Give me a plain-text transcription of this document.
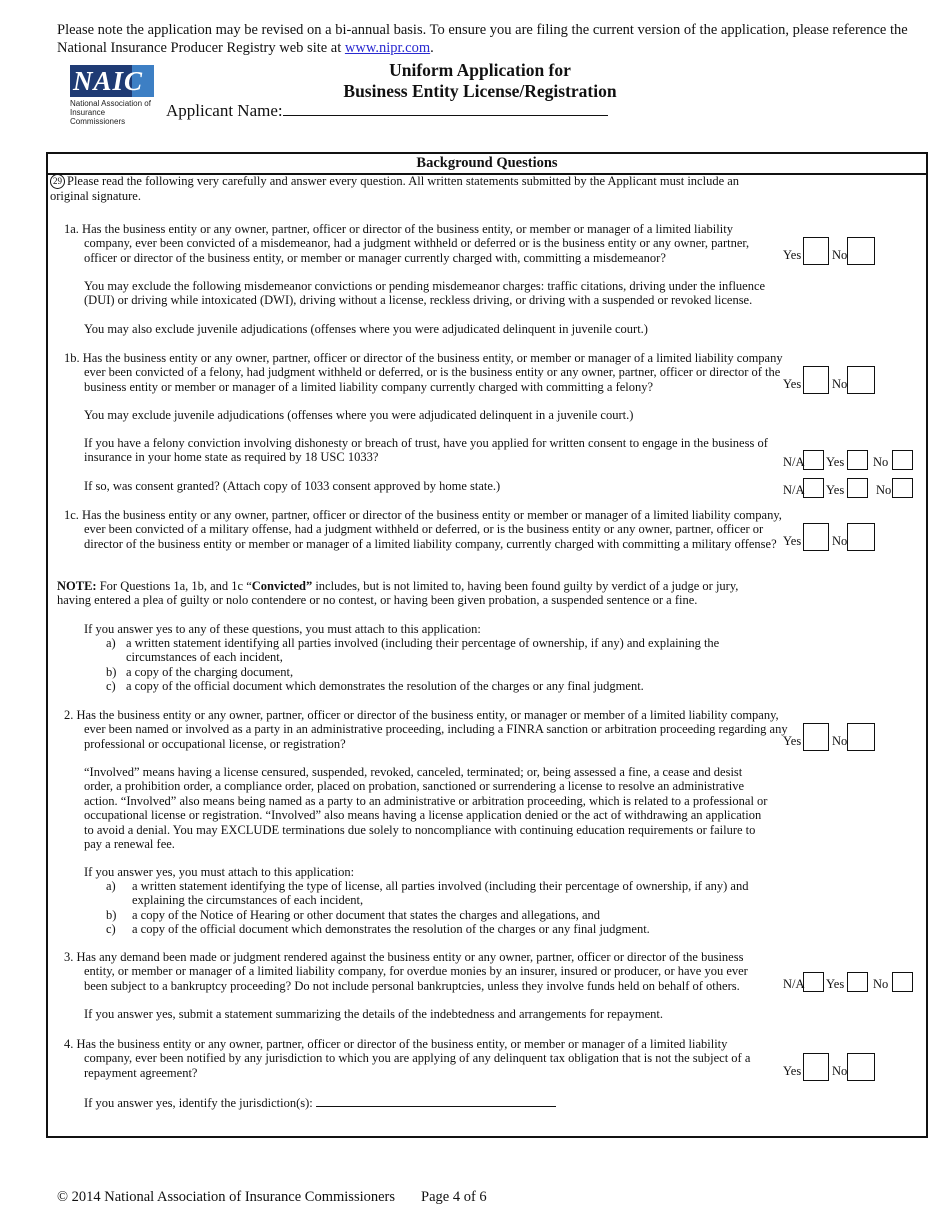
Please note the application may be revised on a bi-annual basis. To ensure you are filing the current version of the application, please reference the National Insurance Producer Registry web site at www.nipr.com.
NAIC
National Association of
Insurance Commissioners
Uniform Application for
Business Entity License/Registration
Applicant Name:
Background Questions
29 Please read the following very carefully and answer every question. All written statements submitted by the Applicant must include an original signature.
1a. Has the business entity or any owner, partner, officer or director of the business entity, or member or manager of a limited liability company, ever been convicted of a misdemeanor, had a judgment withheld or deferred or is the business entity or any owner, partner, officer or director of the business entity, or member or manager currently charged with, committing a misdemeanor?
You may exclude the following misdemeanor convictions or pending misdemeanor charges: traffic citations, driving under the influence (DUI) or driving while intoxicated (DWI), driving without a license, reckless driving, or driving with a suspended or revoked license.
You may also exclude juvenile adjudications (offenses where you were adjudicated delinquent in juvenile court.)
1b. Has the business entity or any owner, partner, officer or director of the business entity, or member or manager of a limited liability company ever been convicted of a felony, had judgment withheld or deferred, or is the business entity or any owner, partner, officer or director of the business entity or member or manager of a limited liability company currently charged with committing a felony?
You may exclude juvenile adjudications (offenses where you were adjudicated delinquent in a juvenile court.)
If you have a felony conviction involving dishonesty or breach of trust, have you applied for written consent to engage in the business of insurance in your home state as required by 18 USC 1033?
If so, was consent granted? (Attach copy of 1033 consent approved by home state.)
1c. Has the business entity or any owner, partner, officer or director of the business entity or member or manager of a limited liability company, ever been convicted of a military offense, had a judgment withheld or deferred, or is the business entity or any owner, partner, officer or director of the business entity or member or manager of a limited liability company, currently charged with committing a military offense?
NOTE: For Questions 1a, 1b, and 1c “Convicted” includes, but is not limited to, having been found guilty by verdict of a judge or jury, having entered a plea of guilty or nolo contendere or no contest, or having been given probation, a suspended sentence or a fine.
If you answer yes to any of these questions, you must attach to this application:
a) a written statement identifying all parties involved (including their percentage of ownership, if any) and explaining the circumstances of each incident,
b) a copy of the charging document,
c) a copy of the official document which demonstrates the resolution of the charges or any final judgment.
2. Has the business entity or any owner, partner, officer or director of the business entity, or manager or member of a limited liability company, ever been named or involved as a party in an administrative proceeding, including a FINRA sanction or arbitration proceeding regarding any professional or occupational license, or registration?
“Involved” means having a license censured, suspended, revoked, canceled, terminated; or, being assessed a fine, a cease and desist order, a prohibition order, a compliance order, placed on probation, sanctioned or surrendering a license to resolve an administrative action. “Involved” also means being named as a party to an administrative or arbitration proceeding, which is related to a professional or occupational license or registration. “Involved” also means having a license application denied or the act of withdrawing an application to avoid a denial. You may EXCLUDE terminations due solely to noncompliance with continuing education requirements or failure to pay a renewal fee.
If you answer yes, you must attach to this application:
a) a written statement identifying the type of license, all parties involved (including their percentage of ownership, if any) and explaining the circumstances of each incident,
b) a copy of the Notice of Hearing or other document that states the charges and allegations, and
c) a copy of the official document which demonstrates the resolution of the charges or any final judgment.
3. Has any demand been made or judgment rendered against the business entity or any owner, partner, officer or director of the business entity, or member or manager of a limited liability company, for overdue monies by an insurer, insured or producer, or have you ever been subject to a bankruptcy proceeding? Do not include personal bankruptcies, unless they involve funds held on behalf of others.
If you answer yes, submit a statement summarizing the details of the indebtedness and arrangements for repayment.
4. Has the business entity or any owner, partner, officer or director of the business entity, or member or manager of a limited liability company, ever been notified by any jurisdiction to which you are applying of any delinquent tax obligation that is not the subject of a repayment agreement?
If you answer yes, identify the jurisdiction(s):
Yes No
Yes No
N/A Yes No
N/A Yes	No
Yes No
Yes No
N/A Yes No
Yes No
© 2014 National Association of Insurance Commissioners Page 4 of 6
